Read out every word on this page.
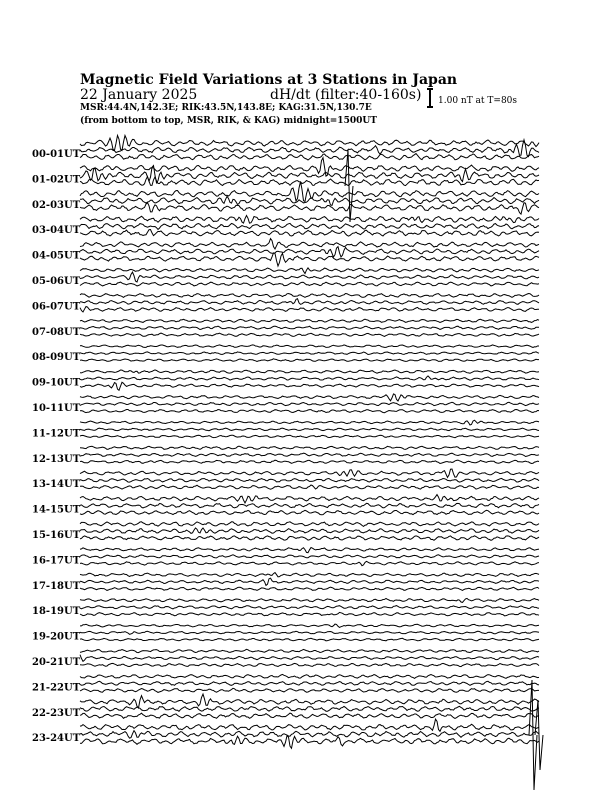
Magnetic Field Variations at 3 Stations in Japan
22 January 2025	dH/dt (filter:40-160s)
MSR:44.4N,142.3E; RIK:43.5N,143.8E; KAG:31.5N,130.7E
(from bottom to top, MSR, RIK, & KAG) midnight=1500UT
1.00 nT at T=80s
00-01UT
01-02UT
02-03UT
03-04UT
04-05UT
05-06UT
06-07UT
07-08UT
08-09UT
09-10UT
10-11UT
11-12UT
12-13UT
13-14UT
14-15UT
15-16UT
16-17UT
17-18UT
18-19UT
19-20UT
20-21UT
21-22UT
22-23UT
23-24UT
